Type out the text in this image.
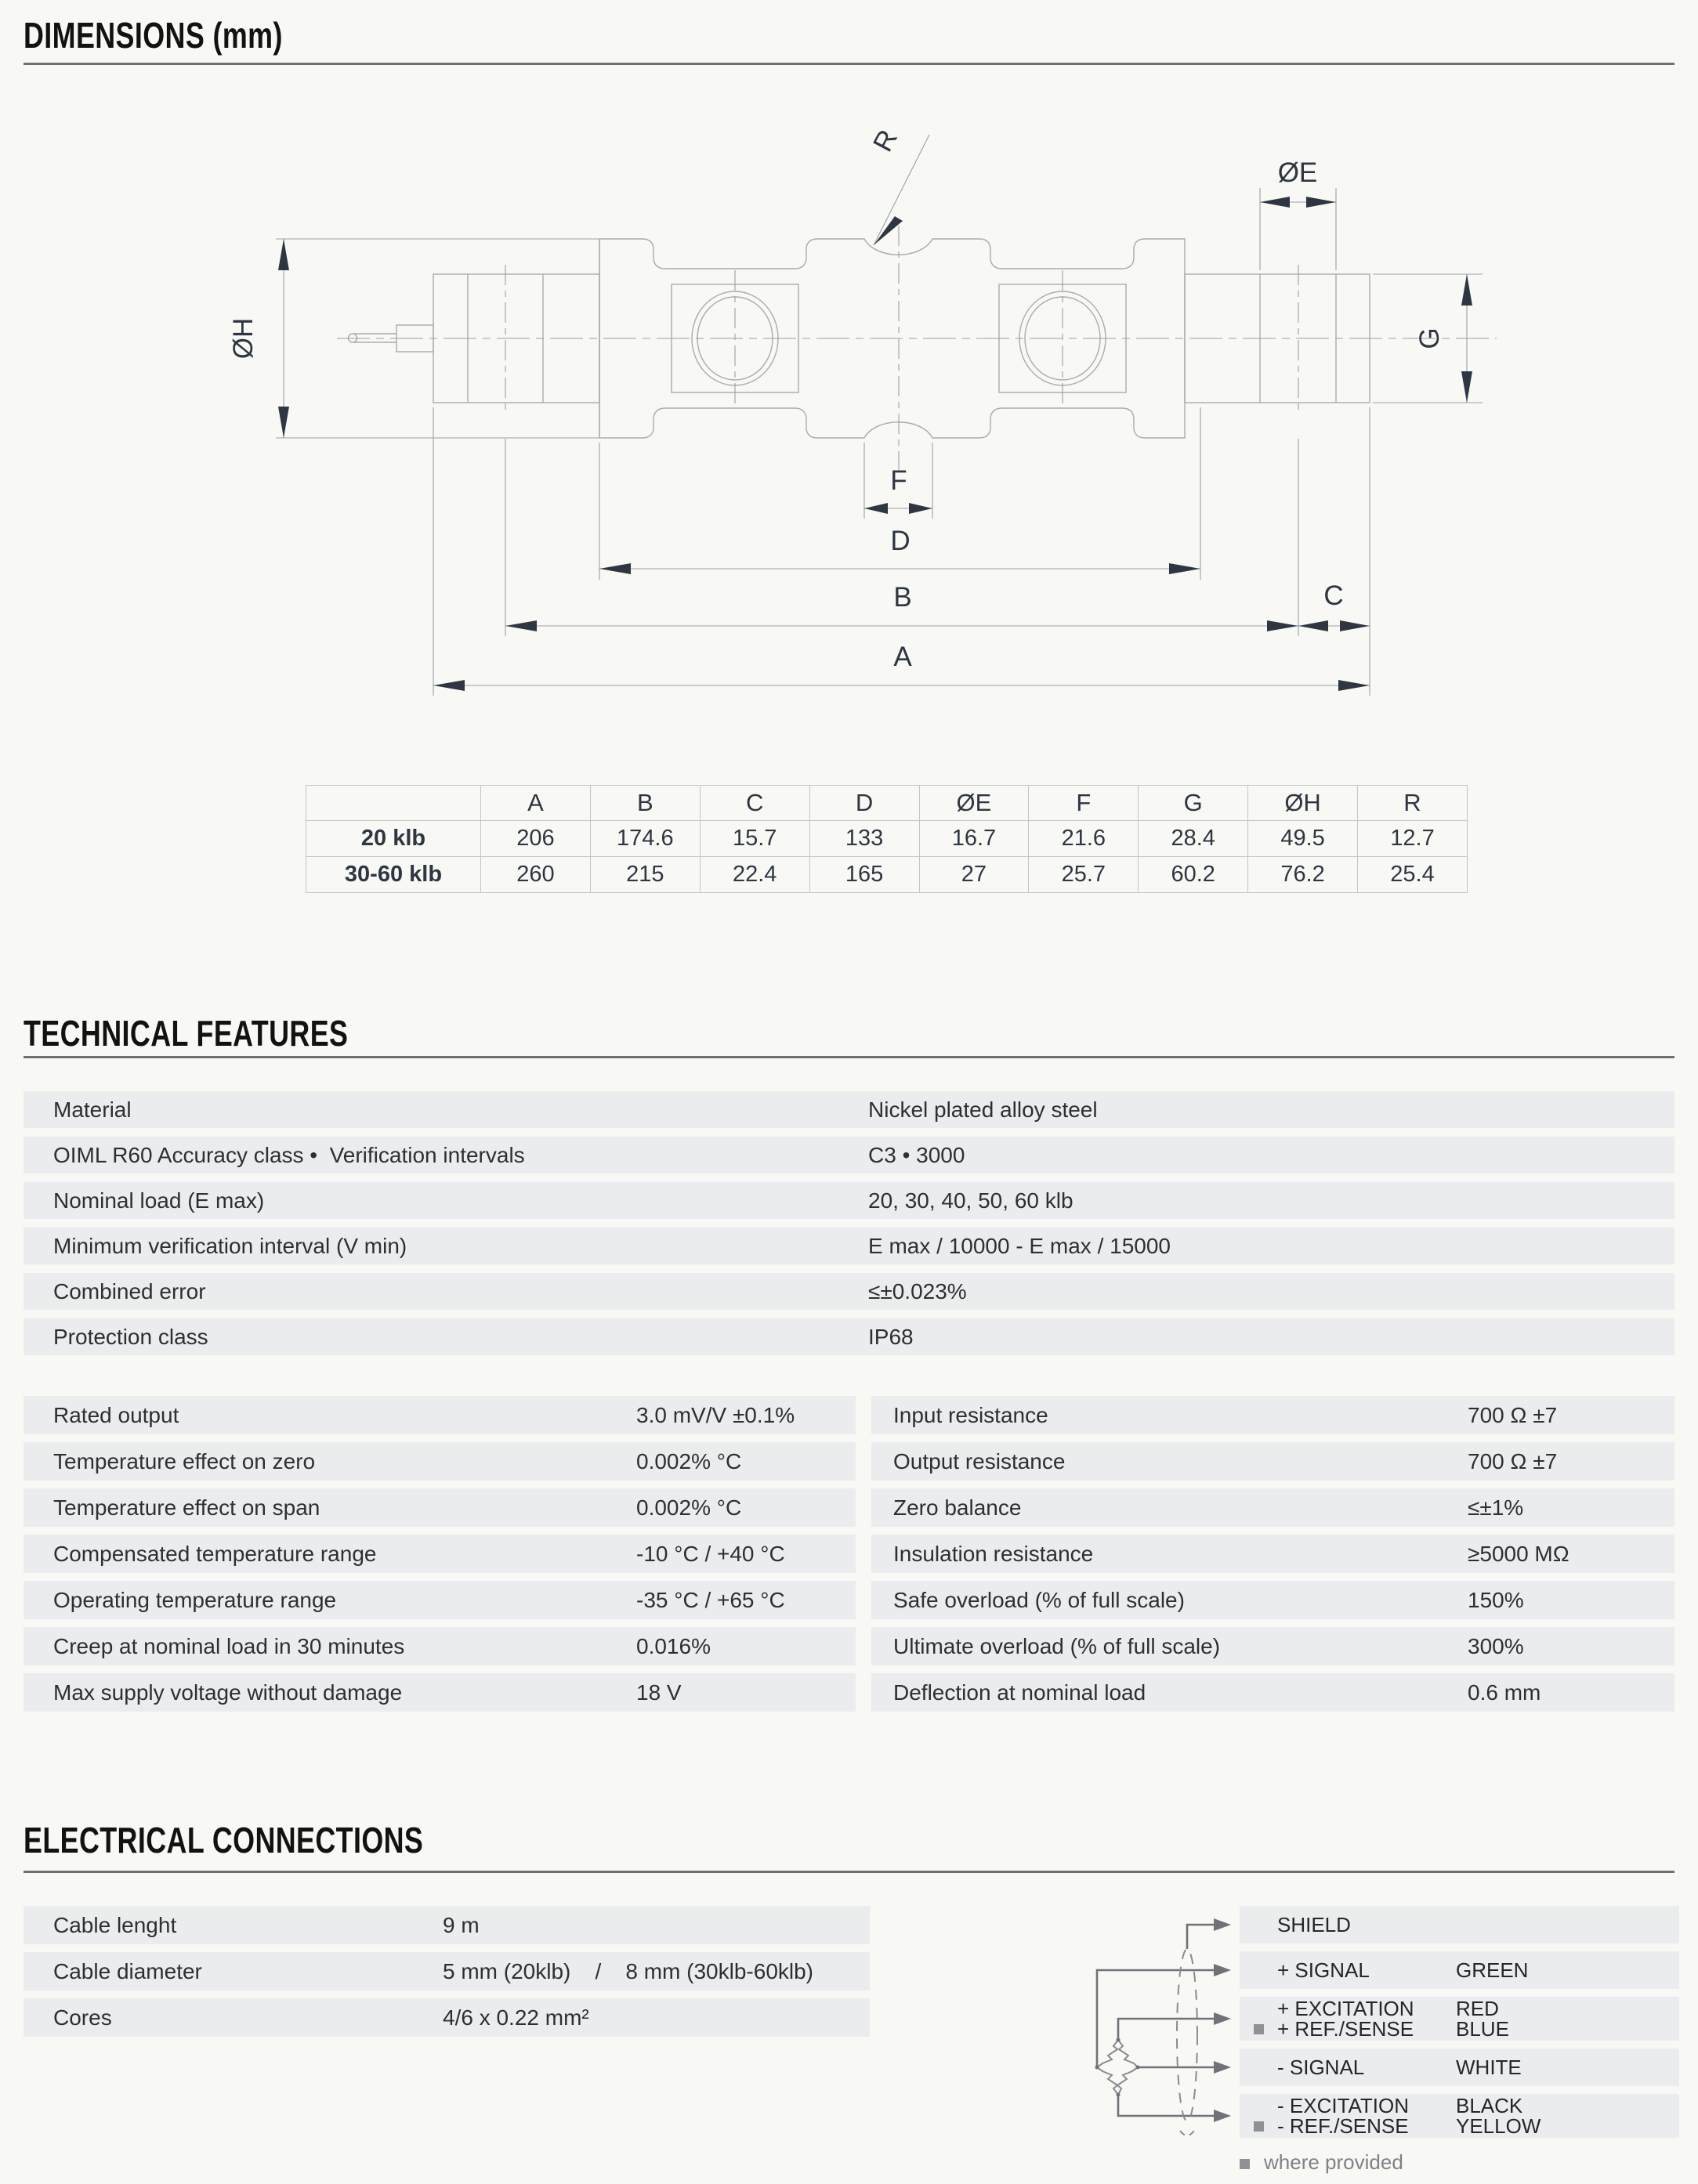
DIMENSIONS (mm)
R
ØE
ØH	G
F
D
B	C
A
	A	B	C	D	ØE	F	G	ØH	R
20 klb	206	174.6	15.7	133	16.7	21.6	28.4	49.5	12.7
30-60 klb	260	215	22.4	165	27	25.7	60.2	76.2	25.4
TECHNICAL FEATURES
Material	Nickel plated alloy steel
OIML R60 Accuracy class •  Verification intervals	C3 • 3000
Nominal load (E max)	20, 30, 40, 50, 60 klb
Minimum verification interval (V min)	E max / 10000 - E max / 15000
Combined error	≤±0.023%
Protection class	IP68
Rated output	3.0 mV/V ±0.1%
Temperature effect on zero	0.002% °C
Temperature effect on span	0.002% °C
Compensated temperature range	-10 °C / +40 °C
Operating temperature range	-35 °C / +65 °C
Creep at nominal load in 30 minutes	0.016%
Max supply voltage without damage	18 V
Input resistance	700 Ω ±7
Output resistance	700 Ω ±7
Zero balance	≤±1%
Insulation resistance	≥5000 MΩ
Safe overload (% of full scale)	150%
Ultimate overload (% of full scale)	300%
Deflection at nominal load	0.6 mm
ELECTRICAL CONNECTIONS
Cable lenght	9 m
Cable diameter	5 mm (20klb)    /    8 mm (30klb-60klb)
Cores	4/6 x 0.22 mm²
SHIELD
+ SIGNAL	GREEN
+ EXCITATION RED
+ REF./SENSE BLUE
- SIGNAL	WHITE
- EXCITATION BLACK
- REF./SENSE YELLOW
where provided
